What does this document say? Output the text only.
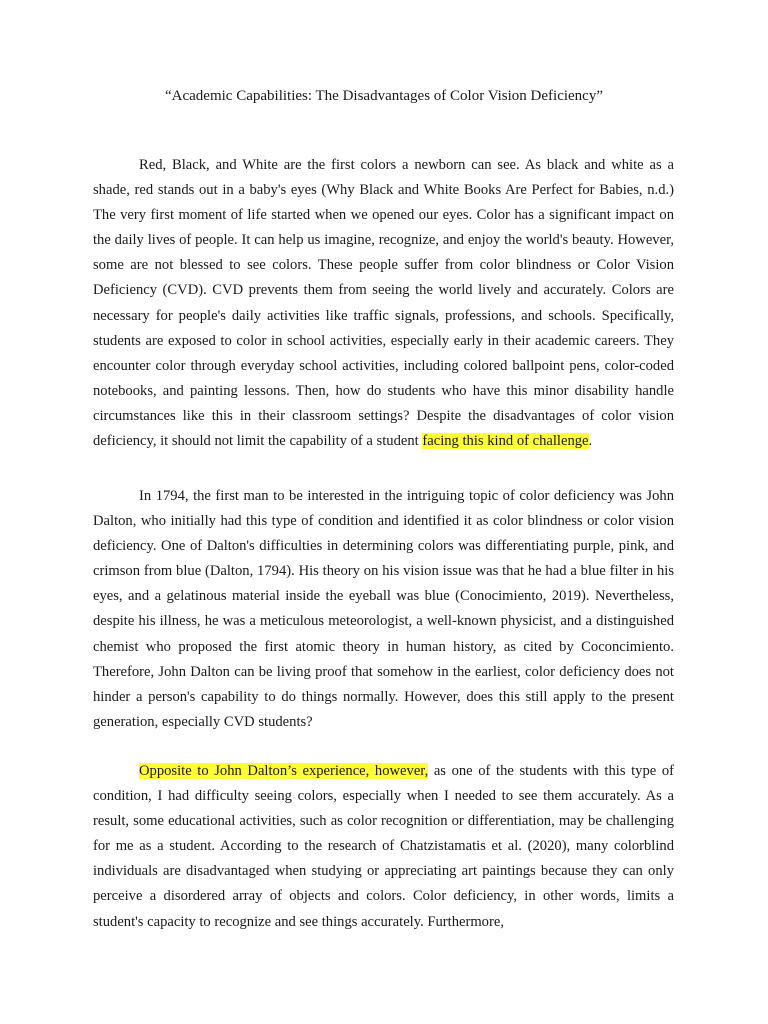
“Academic Capabilities: The Disadvantages of Color Vision Deficiency”

Red, Black, and White are the first colors a newborn can see. As black and white as a shade, red stands out in a baby's eyes (Why Black and White Books Are Perfect for Babies, n.d.) The very first moment of life started when we opened our eyes. Color has a significant impact on the daily lives of people. It can help us imagine, recognize, and enjoy the world's beauty. However, some are not blessed to see colors. These people suffer from color blindness or Color Vision Deficiency (CVD). CVD prevents them from seeing the world lively and accurately. Colors are necessary for people's daily activities like traffic signals, professions, and schools. Specifically, students are exposed to color in school activities, especially early in their academic careers. They encounter color through everyday school activities, including colored ballpoint pens, color-coded notebooks, and painting lessons. Then, how do students who have this minor disability handle circumstances like this in their classroom settings? Despite the disadvantages of color vision deficiency, it should not limit the capability of a student facing this kind of challenge.

In 1794, the first man to be interested in the intriguing topic of color deficiency was John Dalton, who initially had this type of condition and identified it as color blindness or color vision deficiency. One of Dalton's difficulties in determining colors was differentiating purple, pink, and crimson from blue (Dalton, 1794). His theory on his vision issue was that he had a blue filter in his eyes, and a gelatinous material inside the eyeball was blue (Conocimiento, 2019). Nevertheless, despite his illness, he was a meticulous meteorologist, a well-known physicist, and a distinguished chemist who proposed the first atomic theory in human history, as cited by Coconcimiento. Therefore, John Dalton can be living proof that somehow in the earliest, color deficiency does not hinder a person's capability to do things normally. However, does this still apply to the present generation, especially CVD students?

Opposite to John Dalton’s experience, however, as one of the students with this type of condition, I had difficulty seeing colors, especially when I needed to see them accurately. As a result, some educational activities, such as color recognition or differentiation, may be challenging for me as a student. According to the research of Chatzistamatis et al. (2020), many colorblind individuals are disadvantaged when studying or appreciating art paintings because they can only perceive a disordered array of objects and colors. Color deficiency, in other words, limits a student's capacity to recognize and see things accurately. Furthermore,
